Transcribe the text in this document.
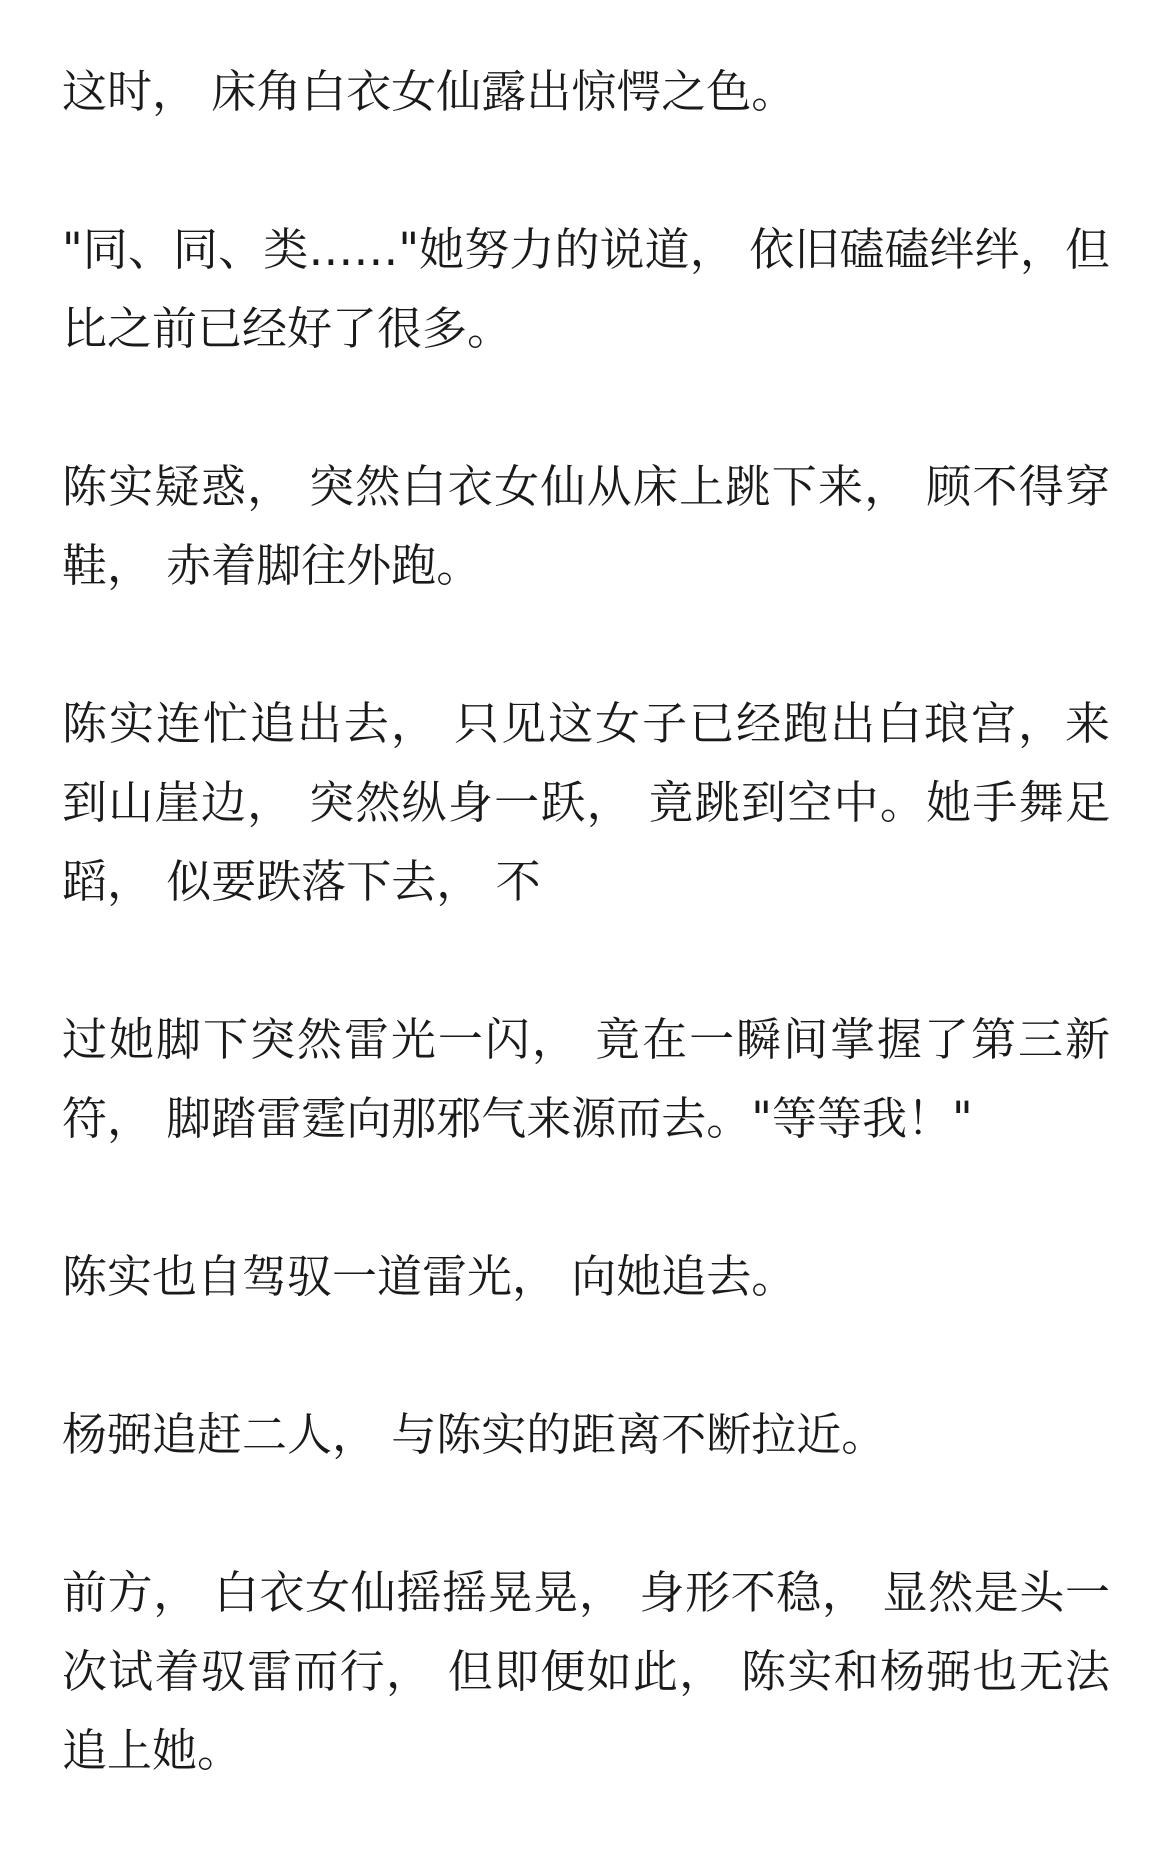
这时， 床角白衣女仙露出惊愕之色。

"同、同、类……"她努力的说道， 依旧磕磕绊绊，但比之前已经好了很多。

陈实疑惑， 突然白衣女仙从床上跳下来， 顾不得穿鞋， 赤着脚往外跑。

陈实连忙追出去， 只见这女子已经跑出白琅宫，来到山崖边， 突然纵身一跃， 竟跳到空中。她手舞足蹈， 似要跌落下去， 不

过她脚下突然雷光一闪， 竟在一瞬间掌握了第三新符， 脚踏雷霆向那邪气来源而去。"等等我！"

陈实也自驾驭一道雷光， 向她追去。

杨弼追赶二人， 与陈实的距离不断拉近。

前方， 白衣女仙摇摇晃晃， 身形不稳， 显然是头一次试着驭雷而行， 但即便如此， 陈实和杨弼也无法追上她。
